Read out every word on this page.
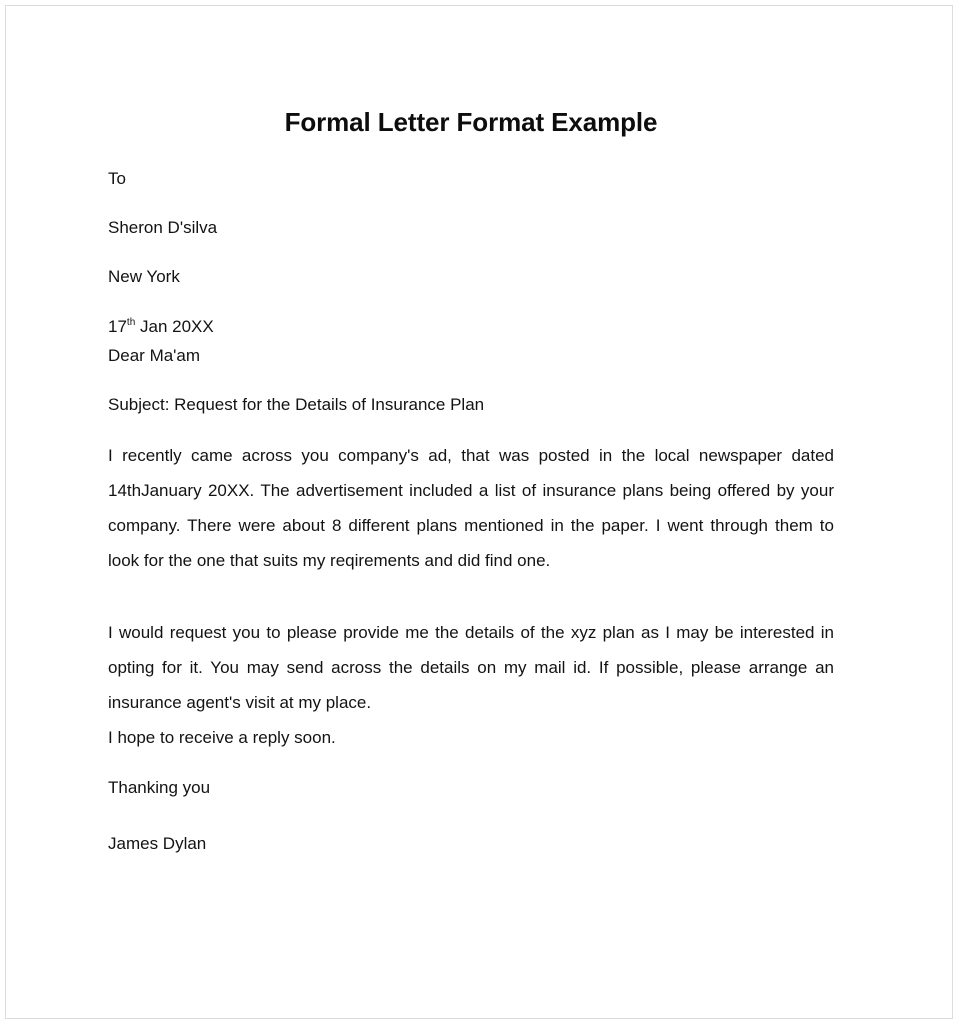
Formal Letter Format Example

To

Sheron D'silva

New York

17th Jan 20XX

Dear Ma'am

Subject: Request for the Details of Insurance Plan

I recently came across you company's ad, that was posted in the local newspaper dated 14thJanuary 20XX. The advertisement included a list of insurance plans being offered by your company. There were about 8 different plans mentioned in the paper. I went through them to look for the one that suits my reqirements and did find one.

I would request you to please provide me the details of the xyz plan as I may be interested in opting for it. You may send across the details on my mail id. If possible, please arrange an insurance agent's visit at my place.

I hope to receive a reply soon.

Thanking you

James Dylan
